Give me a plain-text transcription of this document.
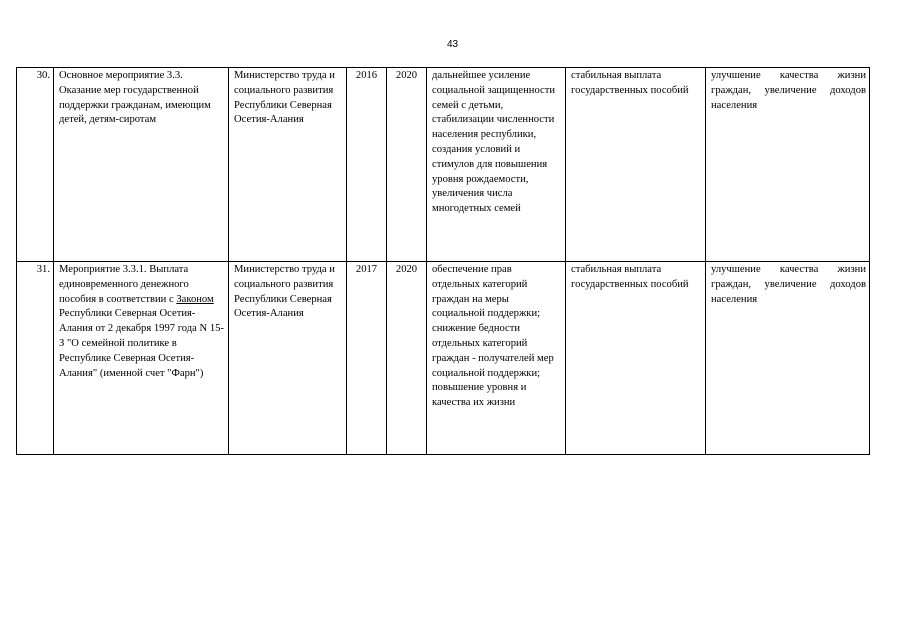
43
30.	Основное мероприятие 3.3. Оказание мер государственной поддержки гражданам, имеющим детей, детям-сиротам	Министерство труда и социального развития Республики Северная Осетия-Алания	2016	2020	дальнейшее усиление социальной защищенности семей с детьми, стабилизации численности населения республики, создания условий и стимулов для повышения уровня рождаемости, увеличения числа многодетных семей	стабильная выплата государственных пособий	улучшение качества жизни граждан, увеличение доходов населения
31.	Мероприятие 3.3.1. Выплата единовременного денежного пособия в соответствии с Законом Республики Северная Осетия-Алания от 2 декабря 1997 года N 15-З "О семейной политике в Республике Северная Осетия-Алания" (именной счет "Фарн")	Министерство труда и социального развития Республики Северная Осетия-Алания	2017	2020	обеспечение прав отдельных категорий граждан на меры социальной поддержки; снижение бедности отдельных категорий граждан - получателей мер социальной поддержки; повышение уровня и качества их жизни	стабильная выплата государственных пособий	улучшение качества жизни граждан, увеличение доходов населения
